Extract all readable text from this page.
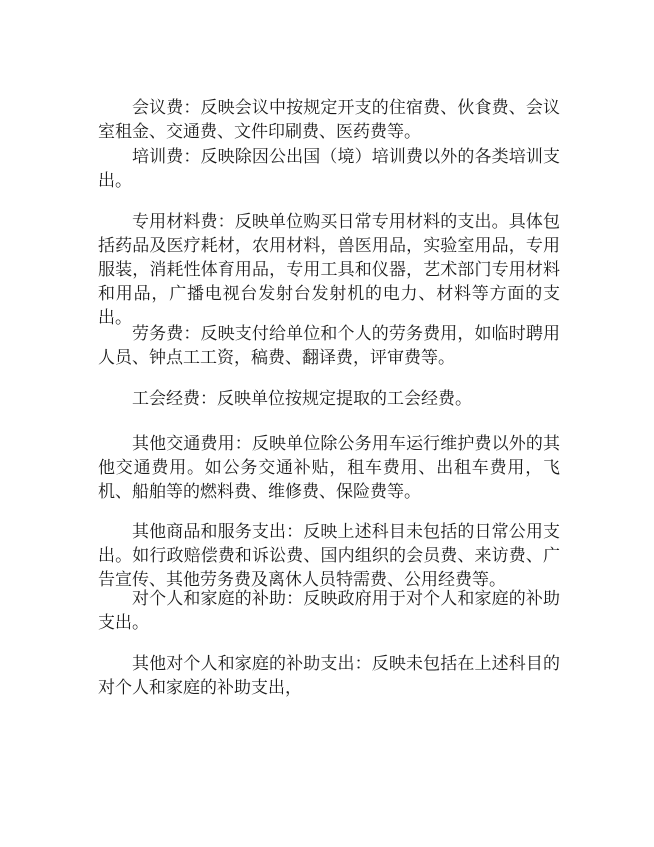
会议费：反映会议中按规定开支的住宿费、伙食费、会议室租金、交通费、文件印刷费、医药费等。

培训费：反映除因公出国（境）培训费以外的各类培训支出。

专用材料费：反映单位购买日常专用材料的支出。具体包括药品及医疗耗材，农用材料，兽医用品，实验室用品，专用服装，消耗性体育用品，专用工具和仪器，艺术部门专用材料和用品，广播电视台发射台发射机的电力、材料等方面的支出。

劳务费：反映支付给单位和个人的劳务费用，如临时聘用人员、钟点工工资，稿费、翻译费，评审费等。

工会经费：反映单位按规定提取的工会经费。

其他交通费用：反映单位除公务用车运行维护费以外的其他交通费用。如公务交通补贴，租车费用、出租车费用，飞机、船舶等的燃料费、维修费、保险费等。

其他商品和服务支出：反映上述科目未包括的日常公用支出。如行政赔偿费和诉讼费、国内组织的会员费、来访费、广告宣传、其他劳务费及离休人员特需费、公用经费等。

对个人和家庭的补助：反映政府用于对个人和家庭的补助支出。

其他对个人和家庭的补助支出：反映未包括在上述科目的对个人和家庭的补助支出，
